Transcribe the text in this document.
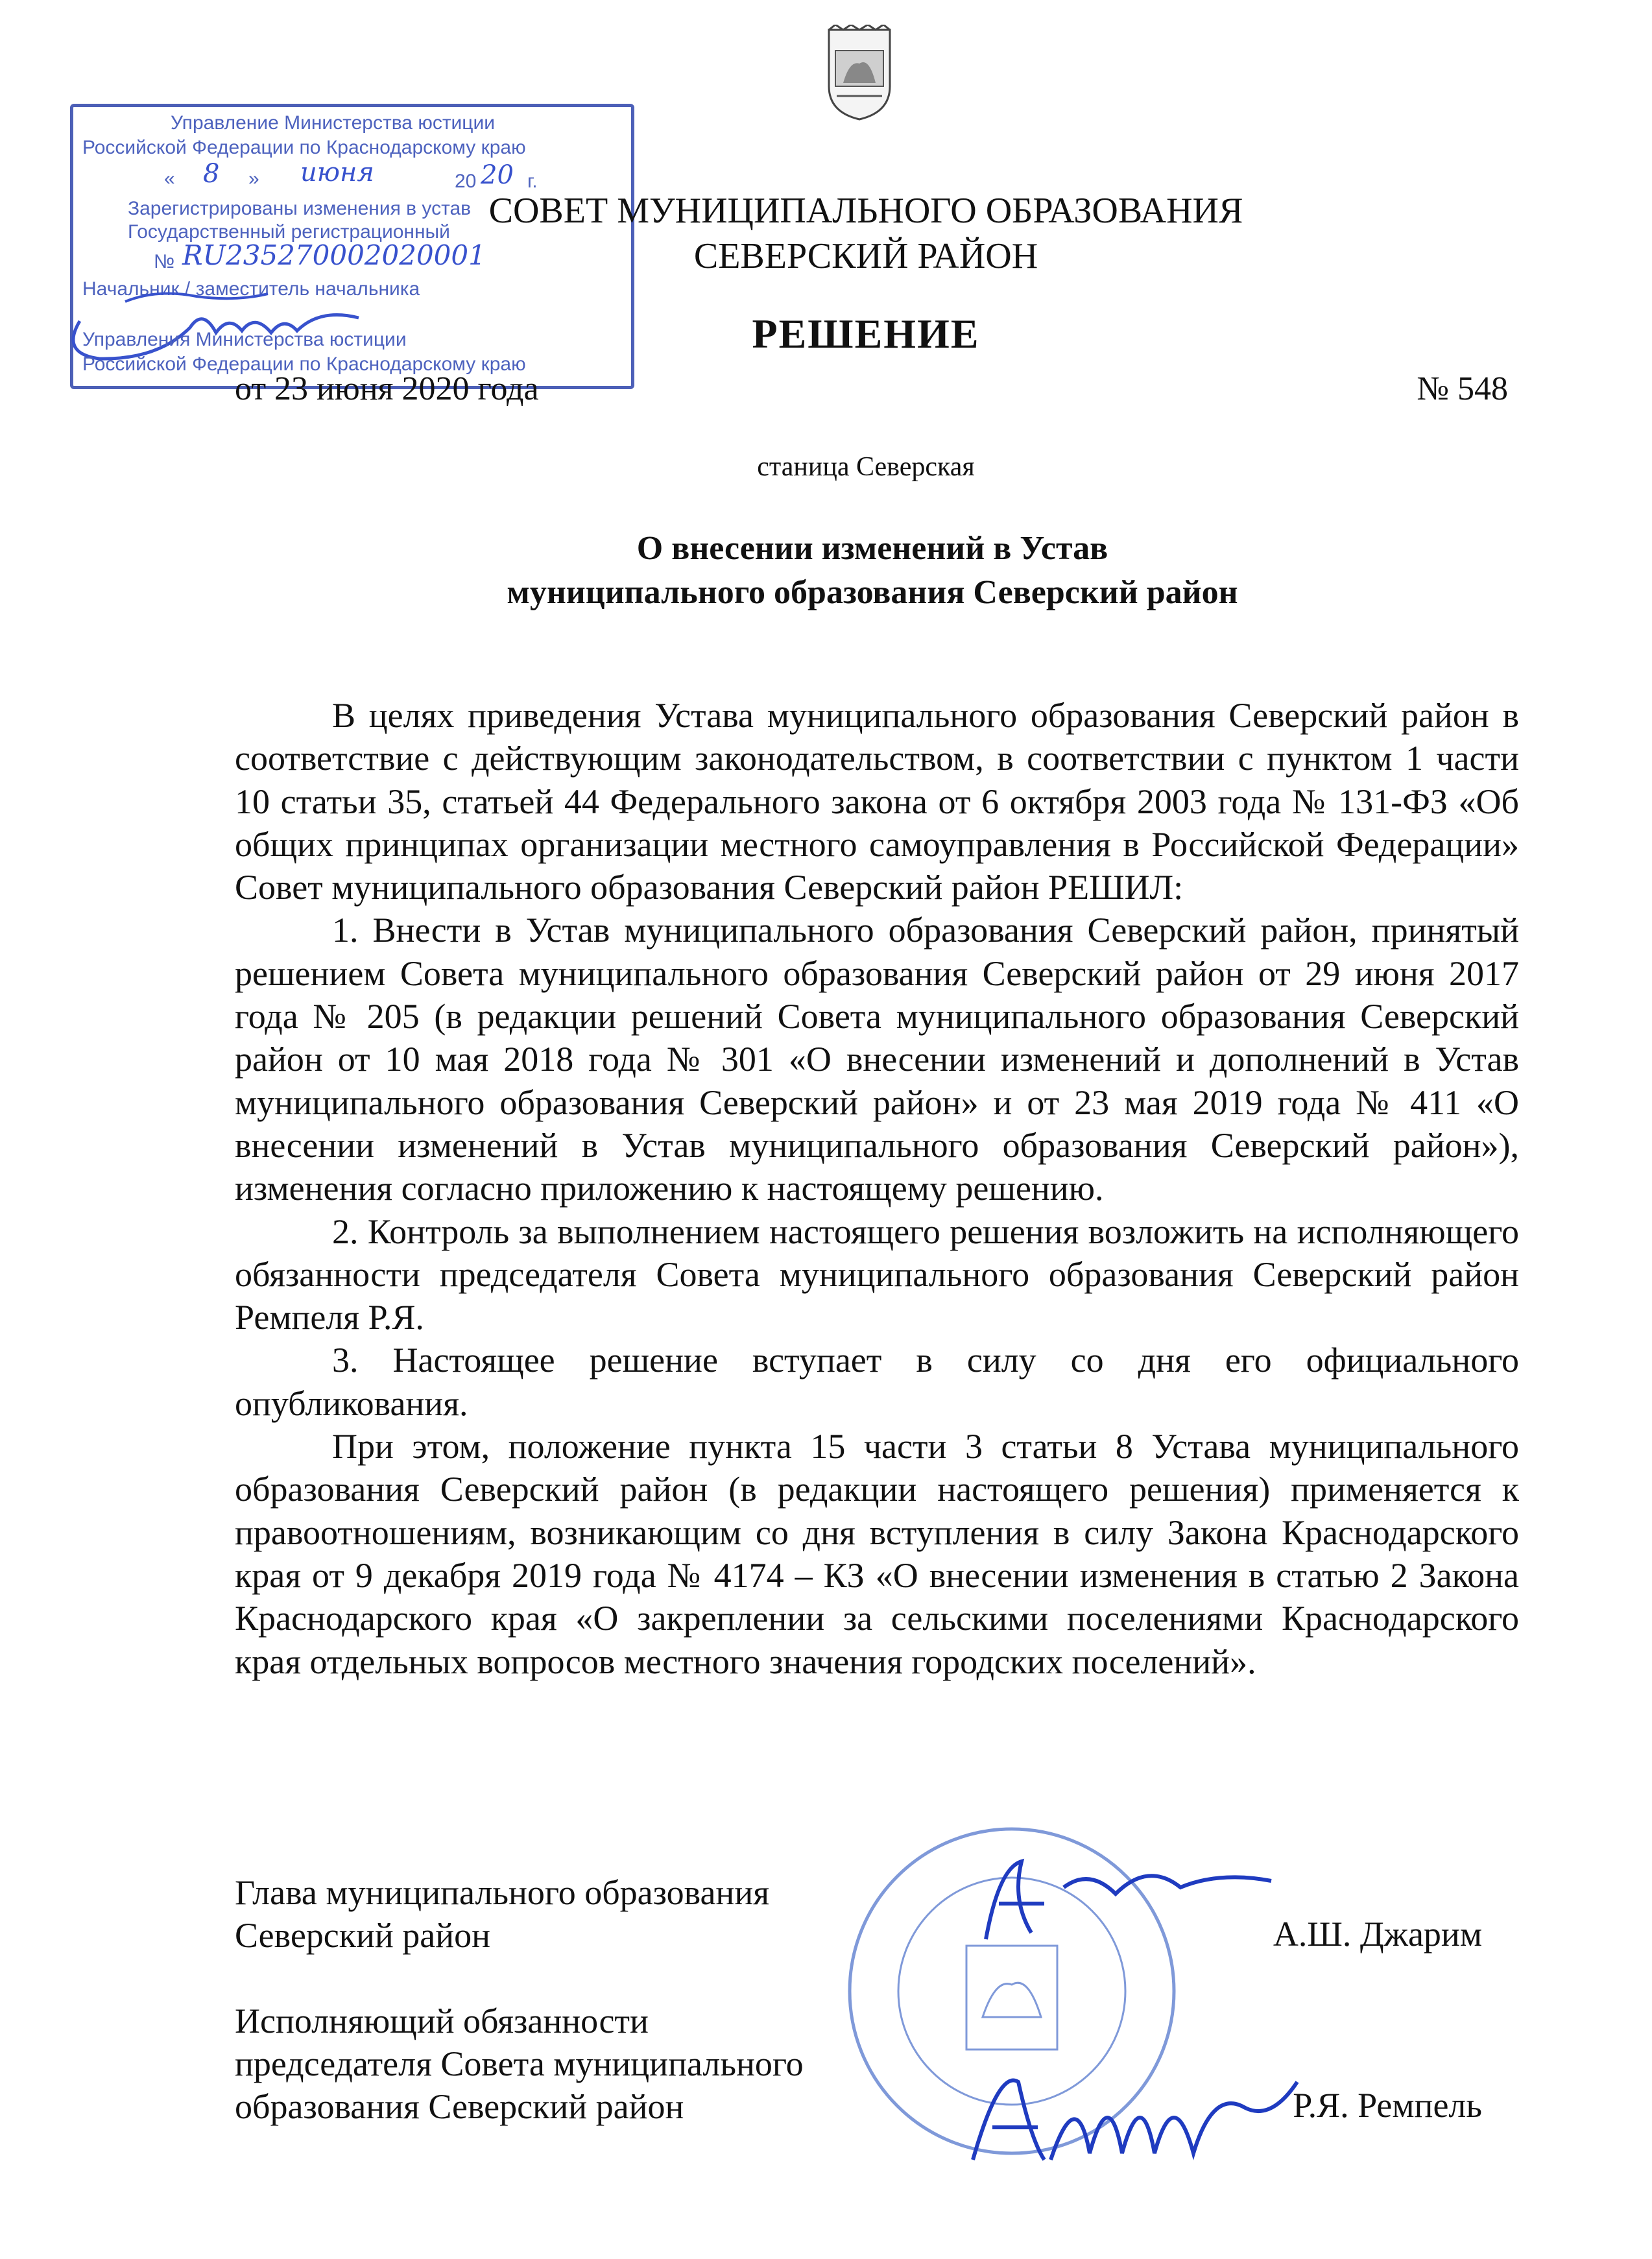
Управление Министерства юстиции
Российской Федерации по Краснодарскому краю
« 8 » июня	20 20 г.
Зарегистрированы изменения в устав
Государственный регистрационный
№ RU235270002020001
Начальник / заместитель начальника
Управления Министерства юстиции
Российской Федерации по Краснодарскому краю
СОВЕТ МУНИЦИПАЛЬНОГО ОБРАЗОВАНИЯ
СЕВЕРСКИЙ РАЙОН
РЕШЕНИЕ
от 23 июня 2020 года	№ 548
станица Северская
О внесении изменений в Устав
муниципального образования Северский район

В целях приведения Устава муниципального образования Северский район в соответствие с действующим законодательством, в соответствии с пунктом 1 части 10 статьи 35, статьей 44 Федерального закона от 6 октября 2003 года № 131-ФЗ «Об общих принципах организации местного самоуправления в Российской Федерации» Совет муниципального образования Северский район РЕШИЛ:

1. Внести в Устав муниципального образования Северский район, принятый решением Совета муниципального образования Северский район от 29 июня 2017 года № 205 (в редакции решений Совета муниципального образования Северский район от 10 мая 2018 года № 301 «О внесении изменений и дополнений в Устав муниципального образования Северский район» и от 23 мая 2019 года № 411 «О внесении изменений в Устав муниципального образования Северский район»), изменения согласно приложению к настоящему решению.

2. Контроль за выполнением настоящего решения возложить на исполняющего обязанности председателя Совета муниципального образования Северский район Ремпеля Р.Я.

3. Настоящее решение вступает в силу со дня его официального опубликования.

При этом, положение пункта 15 части 3 статьи 8 Устава муниципального образования Северский район (в редакции настоящего решения) применяется к правоотношениям, возникающим со дня вступления в силу Закона Краснодарского края от 9 декабря 2019 года № 4174 – КЗ «О внесении изменения в статью 2 Закона Краснодарского края «О закреплении за сельскими поселениями Краснодарского края отдельных вопросов местного значения городских поселений».

Глава муниципального образования
Северский район	А.Ш. Джарим
Исполняющий обязанности
председателя Совета муниципального
образования Северский район	Р.Я. Ремпель
